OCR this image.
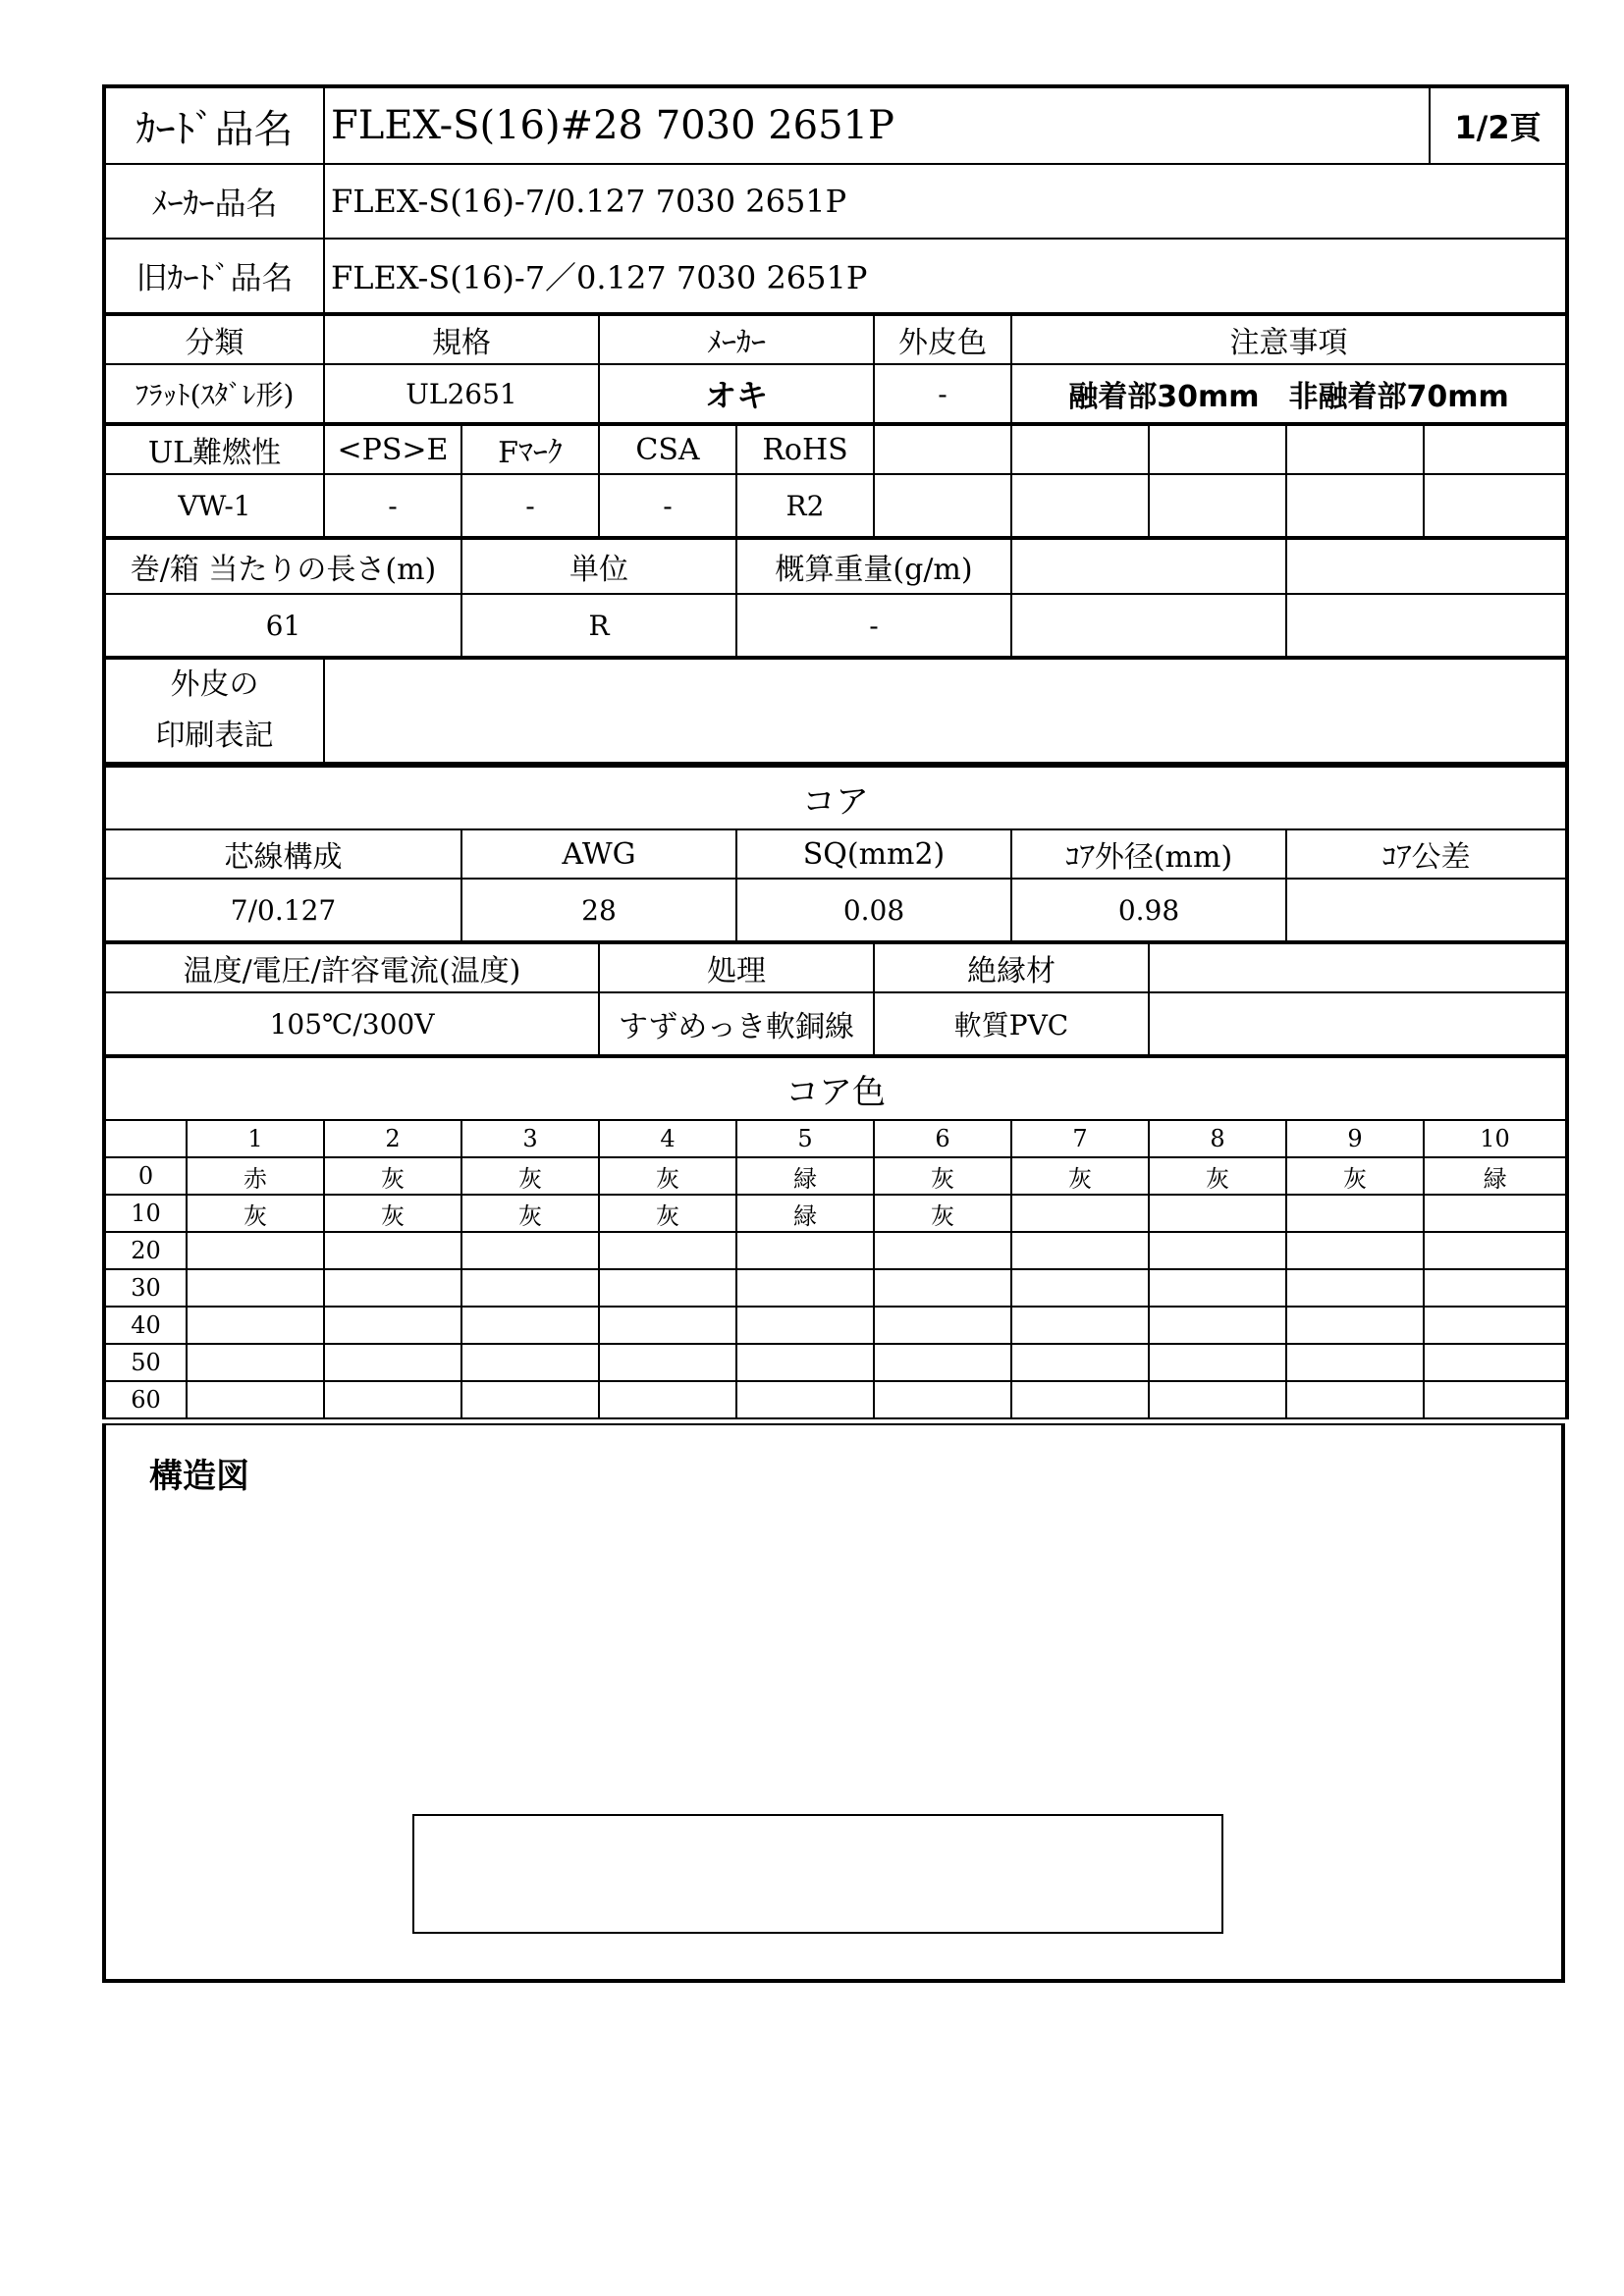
ｶｰﾄﾞ品名	FLEX-S(16)#28 7030 2651P	1/2頁
ﾒｰｶｰ品名	FLEX-S(16)-7/0.127 7030 2651P	
旧ｶｰﾄﾞ品名	FLEX-S(16)-7／0.127 7030 2651P	
分類	規格	ﾒｰｶｰ	外皮色	注意事項
ﾌﾗｯﾄ(ｽﾀﾞﾚ形)	UL2651	オキ	-	融着部30mm　非融着部70mm
UL難燃性	<PS>E	Fﾏｰｸ	CSA	RoHS					
VW-1	-	-	-	R2					
巻/箱 当たりの長さ(m)	単位	概算重量(g/m)		
61	R	-		
外皮の
印刷表記

コア				
芯線構成	AWG	SQ(mm2)	ｺｱ外径(mm)	ｺｱ公差
7/0.127	28	0.08	0.98	
温度/電圧/許容電流(温度)	処理	絶縁材	
105℃/300V	すずめっき軟銅線	軟質PVC	
コア色										
	1	2	3	4	5	6	7	8	9	10
0	赤	灰	灰	灰	緑	灰	灰	灰	灰	緑
10	灰	灰	灰	灰	緑	灰				
20										
30										
40										
50										
60										
構造図
